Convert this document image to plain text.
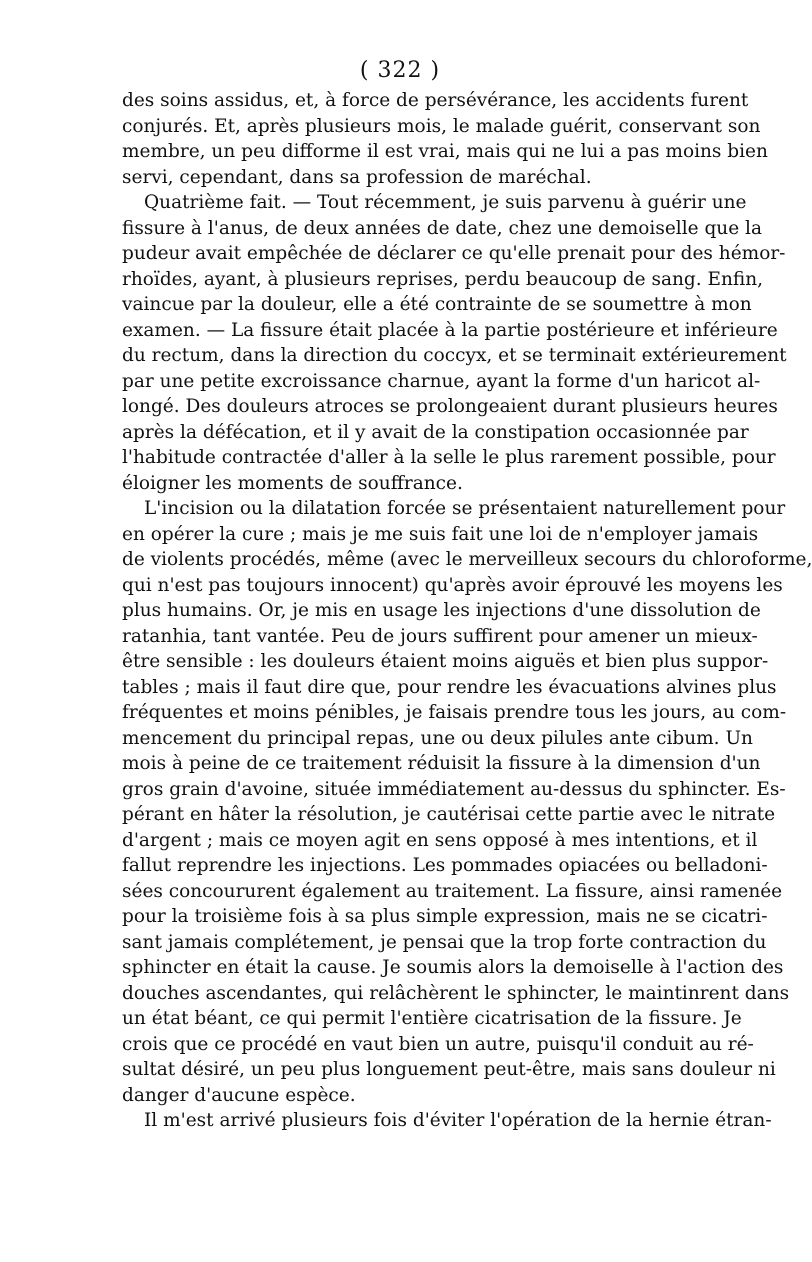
( 322 )
des soins assidus, et, à force de persévérance, les accidents furent
conjurés. Et, après plusieurs mois, le malade guérit, conservant son
membre, un peu difforme il est vrai, mais qui ne lui a pas moins bien
servi, cependant, dans sa profession de maréchal.
Quatrième fait. — Tout récemment, je suis parvenu à guérir une
fissure à l'anus, de deux années de date, chez une demoiselle que la
pudeur avait empêchée de déclarer ce qu'elle prenait pour des hémor-
rhoïdes, ayant, à plusieurs reprises, perdu beaucoup de sang. Enfin,
vaincue par la douleur, elle a été contrainte de se soumettre à mon
examen. — La fissure était placée à la partie postérieure et inférieure
du rectum, dans la direction du coccyx, et se terminait extérieurement
par une petite excroissance charnue, ayant la forme d'un haricot al-
longé. Des douleurs atroces se prolongeaient durant plusieurs heures
après la défécation, et il y avait de la constipation occasionnée par
l'habitude contractée d'aller à la selle le plus rarement possible, pour
éloigner les moments de souffrance.
L'incision ou la dilatation forcée se présentaient naturellement pour
en opérer la cure ; mais je me suis fait une loi de n'employer jamais
de violents procédés, même (avec le merveilleux secours du chloroforme,
qui n'est pas toujours innocent) qu'après avoir éprouvé les moyens les
plus humains. Or, je mis en usage les injections d'une dissolution de
ratanhia, tant vantée. Peu de jours suffirent pour amener un mieux-
être sensible : les douleurs étaient moins aiguës et bien plus suppor-
tables ; mais il faut dire que, pour rendre les évacuations alvines plus
fréquentes et moins pénibles, je faisais prendre tous les jours, au com-
mencement du principal repas, une ou deux pilules ante cibum. Un
mois à peine de ce traitement réduisit la fissure à la dimension d'un
gros grain d'avoine, située immédiatement au-dessus du sphincter. Es-
pérant en hâter la résolution, je cautérisai cette partie avec le nitrate
d'argent ; mais ce moyen agit en sens opposé à mes intentions, et il
fallut reprendre les injections. Les pommades opiacées ou belladoni-
sées concoururent également au traitement. La fissure, ainsi ramenée
pour la troisième fois à sa plus simple expression, mais ne se cicatri-
sant jamais complétement, je pensai que la trop forte contraction du
sphincter en était la cause. Je soumis alors la demoiselle à l'action des
douches ascendantes, qui relâchèrent le sphincter, le maintinrent dans
un état béant, ce qui permit l'entière cicatrisation de la fissure. Je
crois que ce procédé en vaut bien un autre, puisqu'il conduit au ré-
sultat désiré, un peu plus longuement peut-être, mais sans douleur ni
danger d'aucune espèce.
Il m'est arrivé plusieurs fois d'éviter l'opération de la hernie étran-
